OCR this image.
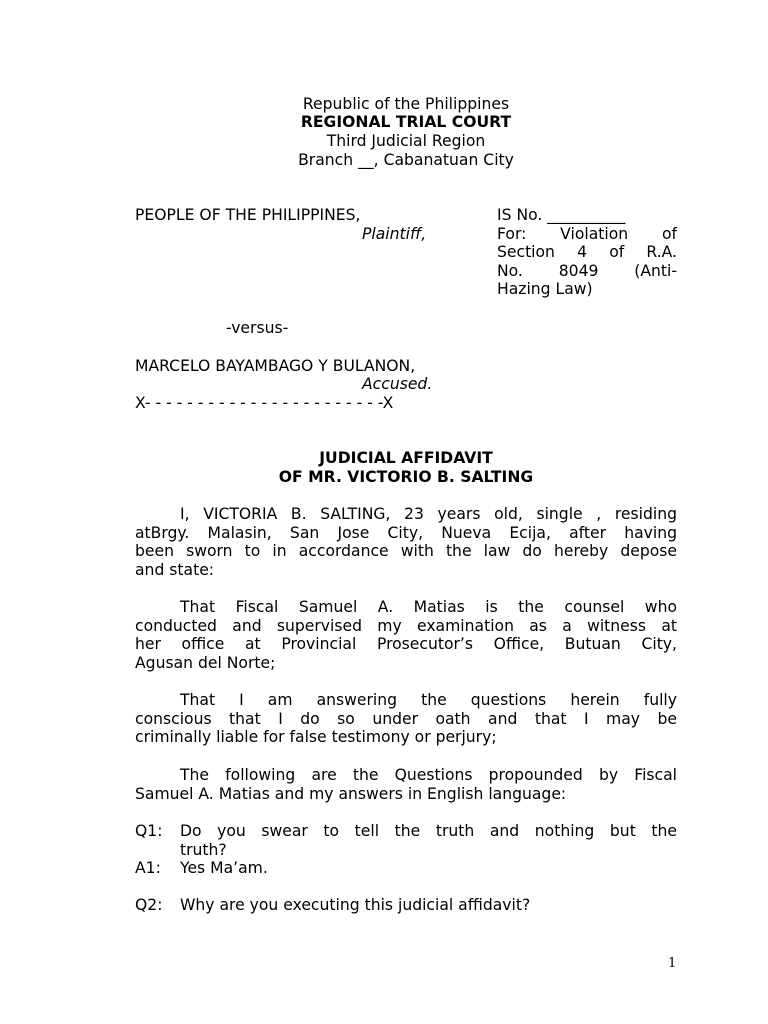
Republic of the Philippines
REGIONAL TRIAL COURT
Third Judicial Region
Branch __, Cabanatuan City
PEOPLE OF THE PHILIPPINES,
Plaintiff,
IS No. __________
For: Violation of
Section 4 of R.A.
No. 8049 (Anti-
Hazing Law)
-versus-
MARCELO BAYAMBAGO Y BULANON,
Accused.
X- - - - - - - - - - - - - - - - - - - - - - -X
JUDICIAL AFFIDAVIT
OF MR. VICTORIO B. SALTING
I, VICTORIA B. SALTING, 23 years old, single , residing
atBrgy. Malasin, San Jose City, Nueva Ecija, after having
been sworn to in accordance with the law do hereby depose
and state:
That Fiscal Samuel A. Matias is the counsel who
conducted and supervised my examination as a witness at
her office at Provincial Prosecutor’s Office, Butuan City,
Agusan del Norte;
That I am answering the questions herein fully
conscious that I do so under oath and that I may be
criminally liable for false testimony or perjury;
The following are the Questions propounded by Fiscal
Samuel A. Matias and my answers in English language:
Q1: Do you swear to tell the truth and nothing but the
truth?
A1: Yes Ma’am.
Q2: Why are you executing this judicial affidavit?
1
